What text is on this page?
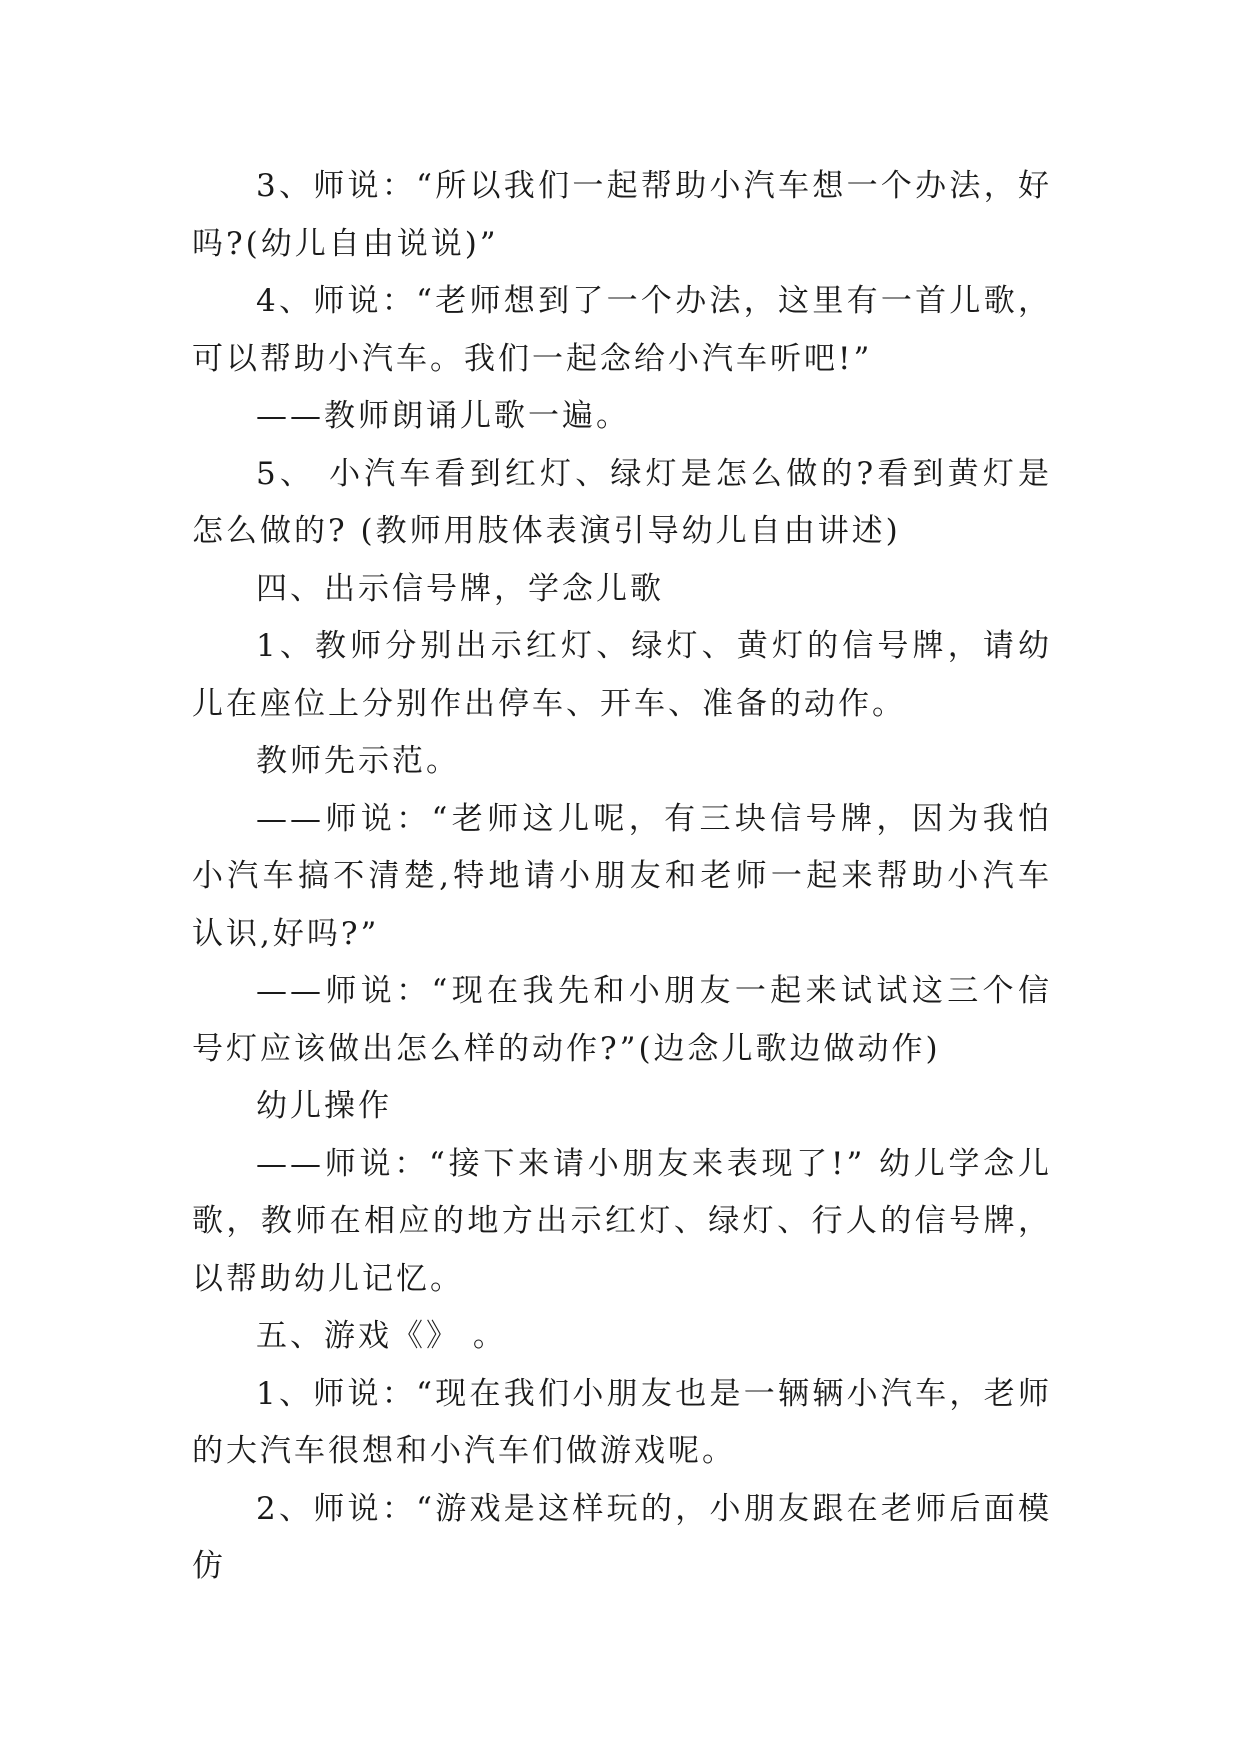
3、师说：“所以我们一起帮助小汽车想一个办法，好吗?(幼儿自由说说)”

4、师说：“老师想到了一个办法，这里有一首儿歌，可以帮助小汽车。我们一起念给小汽车听吧!”

——教师朗诵儿歌一遍。

5、 小汽车看到红灯、绿灯是怎么做的?看到黄灯是怎么做的? (教师用肢体表演引导幼儿自由讲述)

四、出示信号牌，学念儿歌

1、教师分别出示红灯、绿灯、黄灯的信号牌，请幼儿在座位上分别作出停车、开车、准备的动作。

教师先示范。

——师说：“老师这儿呢，有三块信号牌，因为我怕小汽车搞不清楚,特地请小朋友和老师一起来帮助小汽车认识,好吗?”

——师说：“现在我先和小朋友一起来试试这三个信号灯应该做出怎么样的动作?”(边念儿歌边做动作)

幼儿操作

——师说：“接下来请小朋友来表现了!” 幼儿学念儿歌，教师在相应的地方出示红灯、绿灯、行人的信号牌，以帮助幼儿记忆。

五、游戏《》 。

1、师说：“现在我们小朋友也是一辆辆小汽车，老师的大汽车很想和小汽车们做游戏呢。

2、师说：“游戏是这样玩的，小朋友跟在老师后面模仿
